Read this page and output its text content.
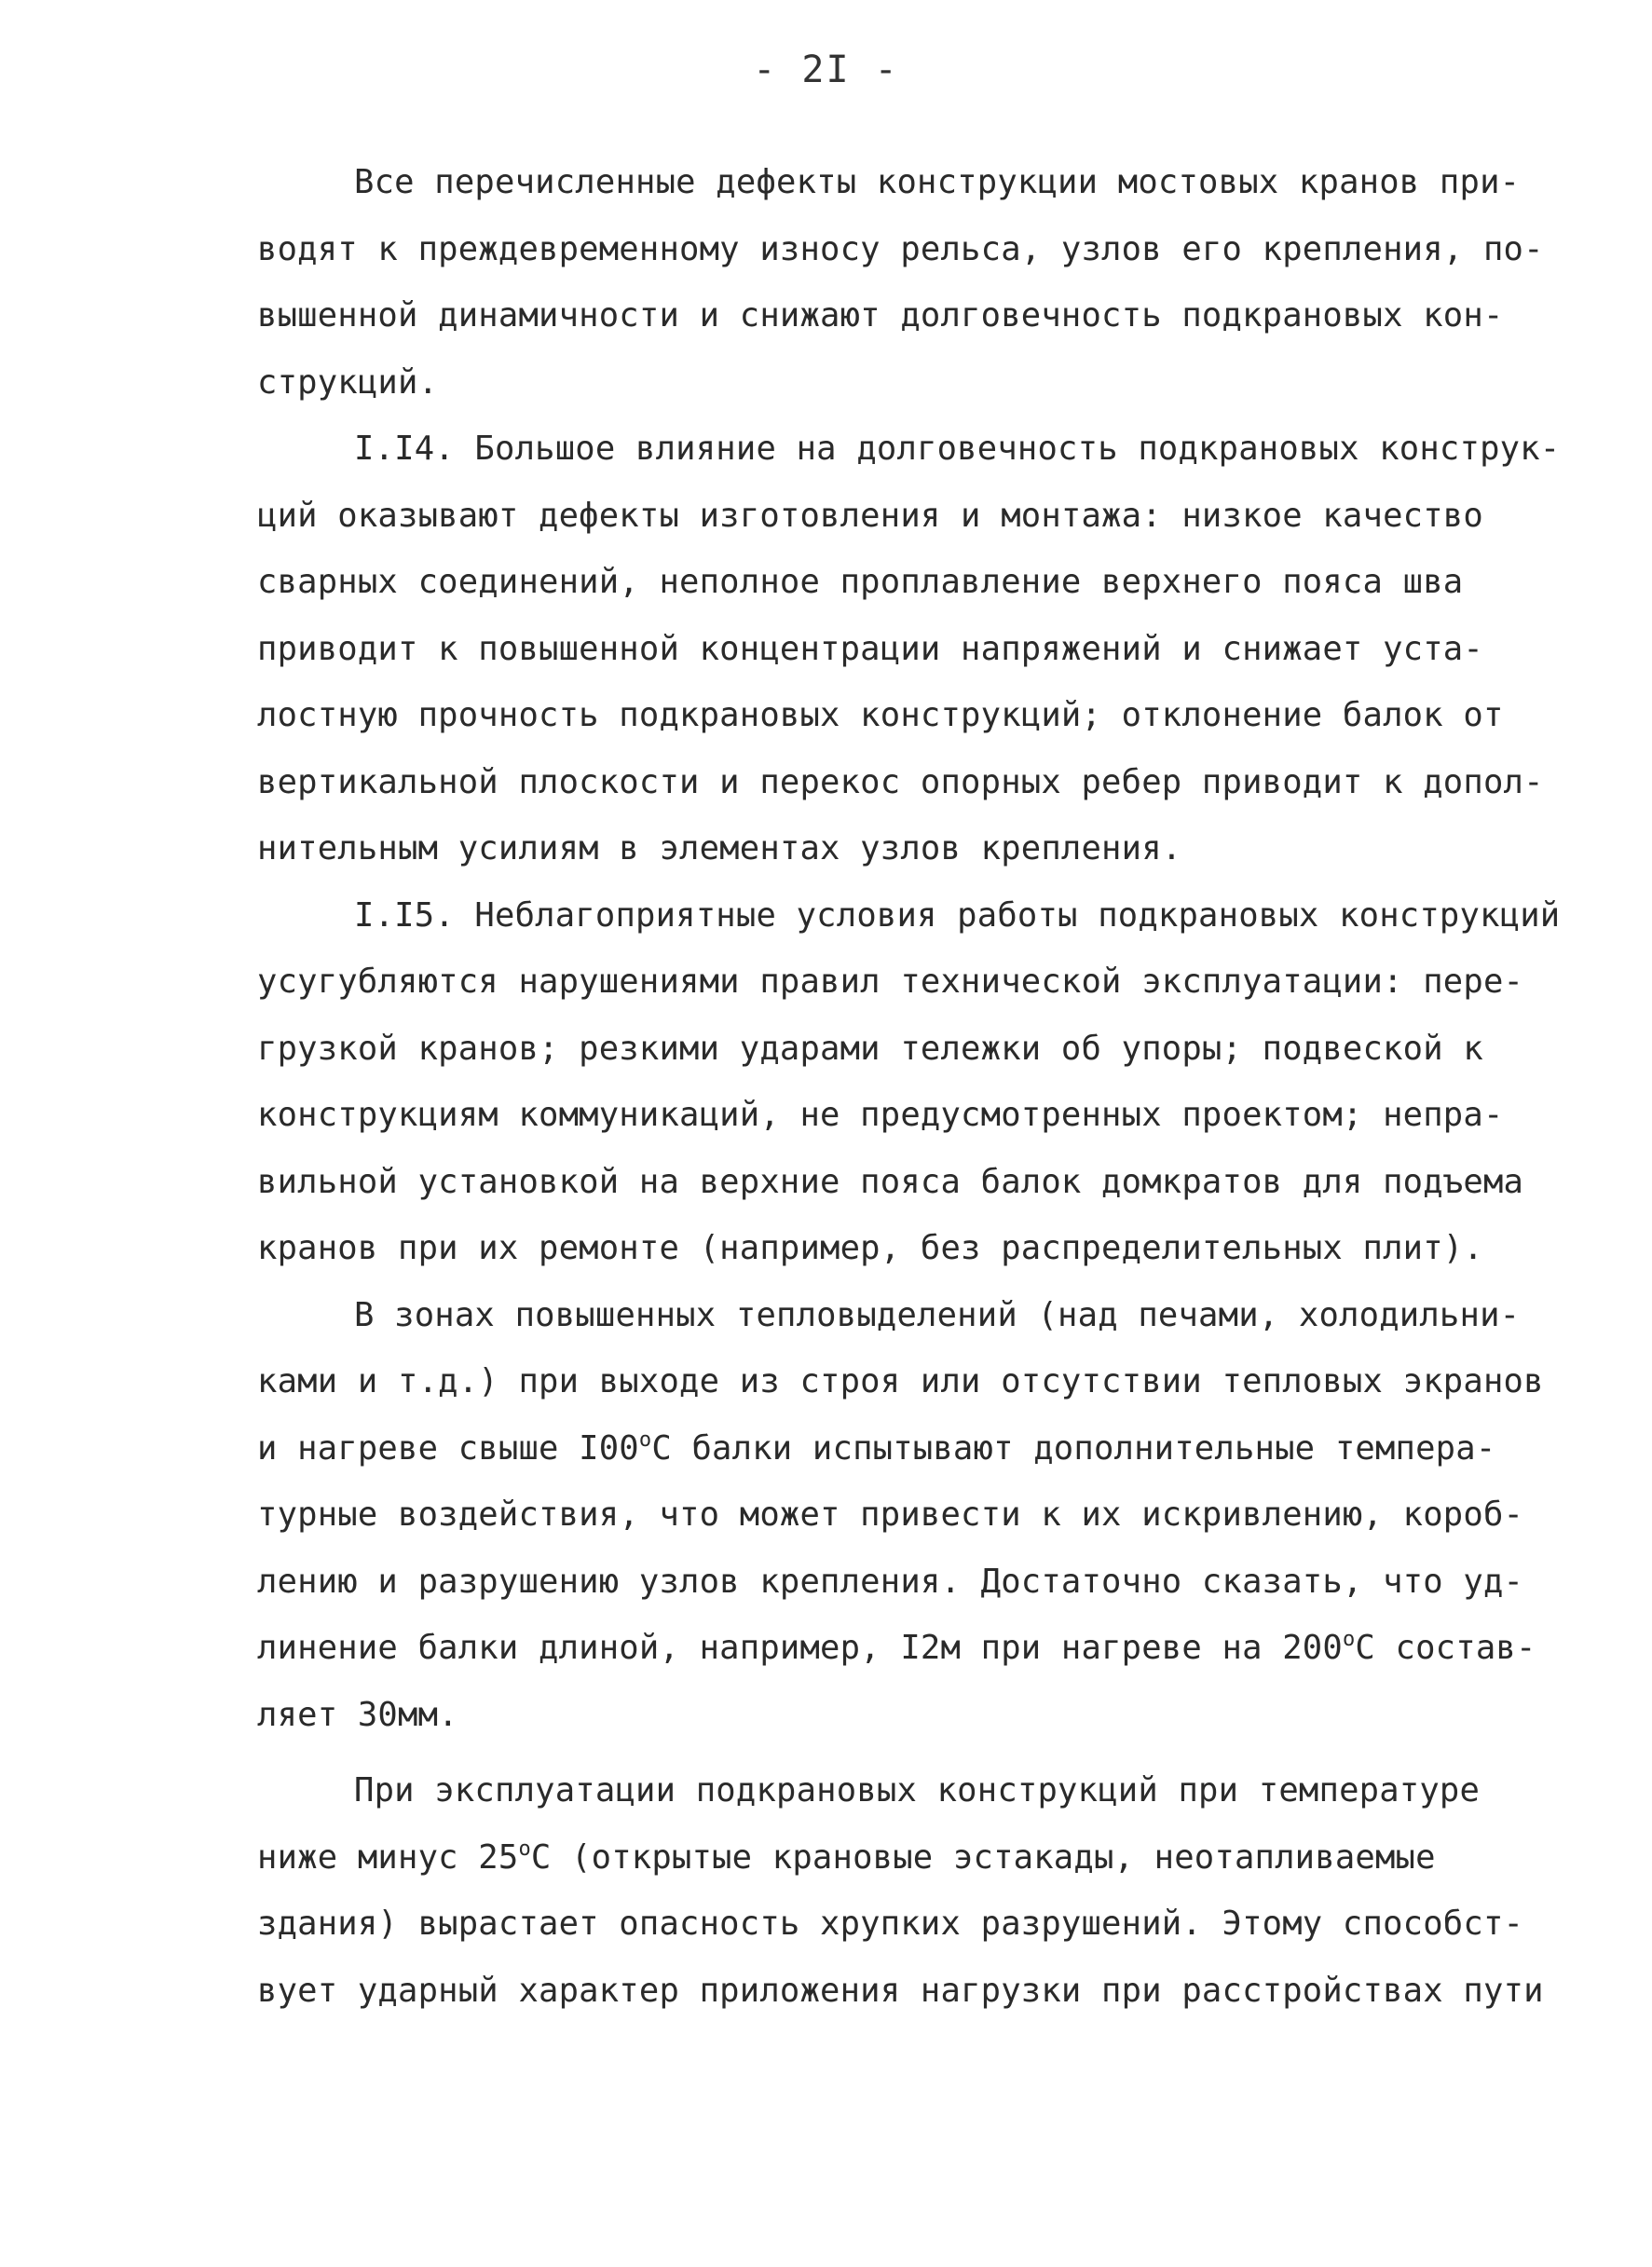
- 2I -
Все перечисленные дефекты конструкции мостовых кранов при-
водят к преждевременному износу рельса, узлов его крепления, по-
вышенной динамичности и снижают долговечность подкрановых кон-
струкций.
I.I4. Большое влияние на долговечность подкрановых конструк-
ций оказывают дефекты изготовления и монтажа: низкое качество
сварных соединений, неполное проплавление верхнего пояса шва
приводит к повышенной концентрации напряжений и снижает уста-
лостную прочность подкрановых конструкций; отклонение балок от
вертикальной плоскости и перекос опорных ребер приводит к допол-
нительным усилиям в элементах узлов крепления.
I.I5. Неблагоприятные условия работы подкрановых конструкций
усугубляются нарушениями правил технической эксплуатации: пере-
грузкой кранов; резкими ударами тележки об упоры; подвеской к
конструкциям коммуникаций, не предусмотренных проектом; непра-
вильной установкой на верхние пояса балок домкратов для подъема
кранов при их ремонте (например, без распределительных плит).
В зонах повышенных тепловыделений (над печами, холодильни-
ками и т.д.) при выходе из строя или отсутствии тепловых экранов
и нагреве свыше I00$^o$C балки испытывают дополнительные темпера-
турные воздействия, что может привести к их искривлению, короб-
лению и разрушению узлов крепления. Достаточно сказать, что уд-
линение балки длиной, например, I2м при нагреве на 200$^o$C состав-
ляет 30мм.
При эксплуатации подкрановых конструкций при температуре
ниже минус 25$^o$C (открытые крановые эстакады, неотапливаемые
здания) вырастает опасность хрупких разрушений. Этому способст-
вует ударный характер приложения нагрузки при расстройствах пути
